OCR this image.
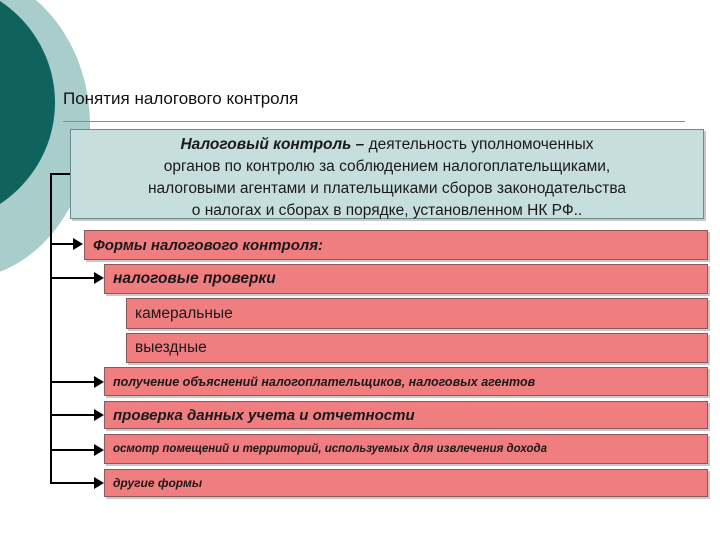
Понятия налогового контроля
Налоговый контроль – деятельность уполномоченных
органов по контролю за соблюдением налогоплательщиками,
налоговыми агентами и плательщиками сборов законодательства
о налогах и сборах в порядке, установленном НК РФ..
Формы налогового контроля:
налоговые проверки
камеральные
выездные
получение объяснений налогоплательщиков, налоговых агентов
проверка данных учета и отчетности
осмотр помещений и территорий, используемых для извлечения дохода
другие формы
